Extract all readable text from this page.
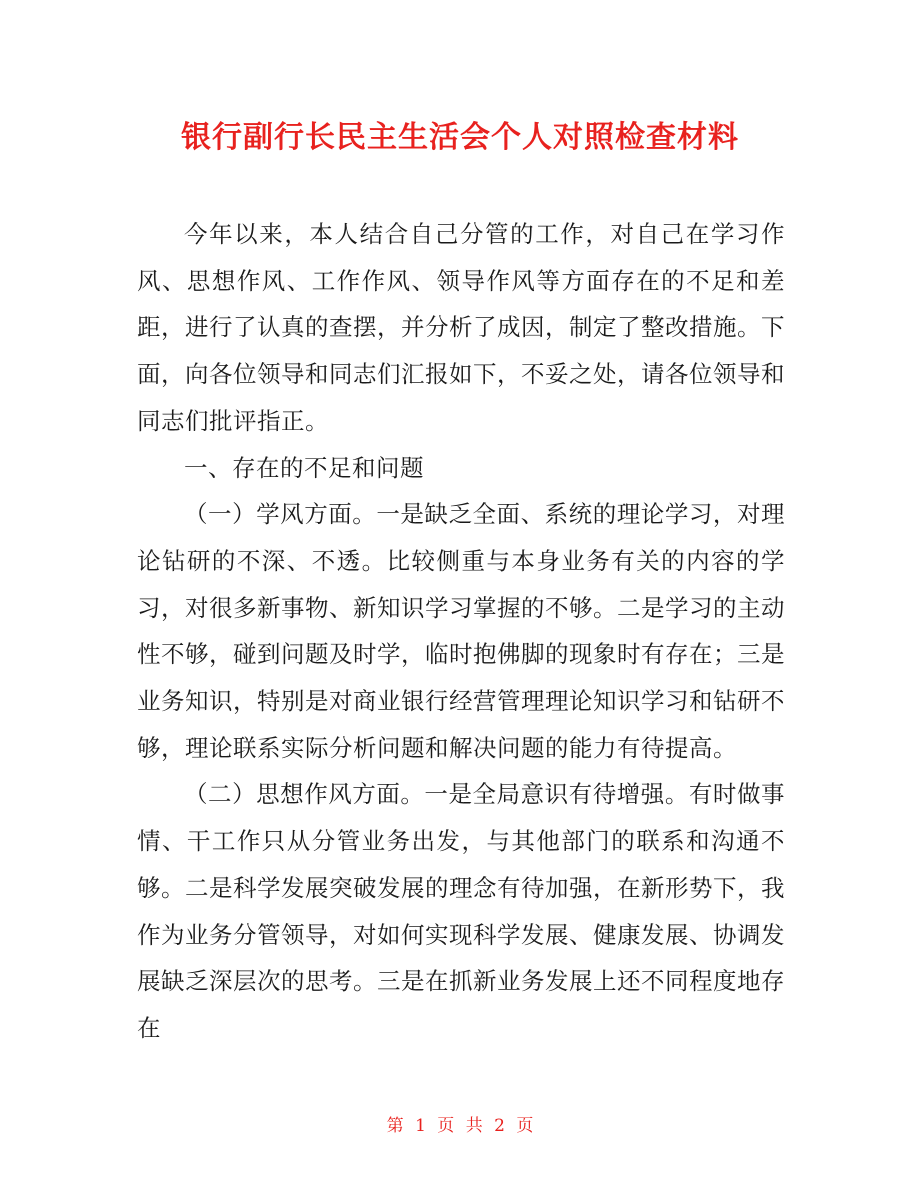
银行副行长民主生活会个人对照检查材料

今年以来，本人结合自己分管的工作，对自己在学习作风、思想作风、工作作风、领导作风等方面存在的不足和差距，进行了认真的查摆，并分析了成因，制定了整改措施。下面，向各位领导和同志们汇报如下，不妥之处，请各位领导和同志们批评指正。

一、存在的不足和问题

（一）学风方面。一是缺乏全面、系统的理论学习，对理论钻研的不深、不透。比较侧重与本身业务有关的内容的学习，对很多新事物、新知识学习掌握的不够。二是学习的主动性不够，碰到问题及时学，临时抱佛脚的现象时有存在；三是业务知识，特别是对商业银行经营管理理论知识学习和钻研不够，理论联系实际分析问题和解决问题的能力有待提高。

（二）思想作风方面。一是全局意识有待增强。有时做事情、干工作只从分管业务出发，与其他部门的联系和沟通不够。二是科学发展突破发展的理念有待加强，在新形势下，我作为业务分管领导，对如何实现科学发展、健康发展、协调发展缺乏深层次的思考。三是在抓新业务发展上还不同程度地存在

第 1 页 共 2 页
